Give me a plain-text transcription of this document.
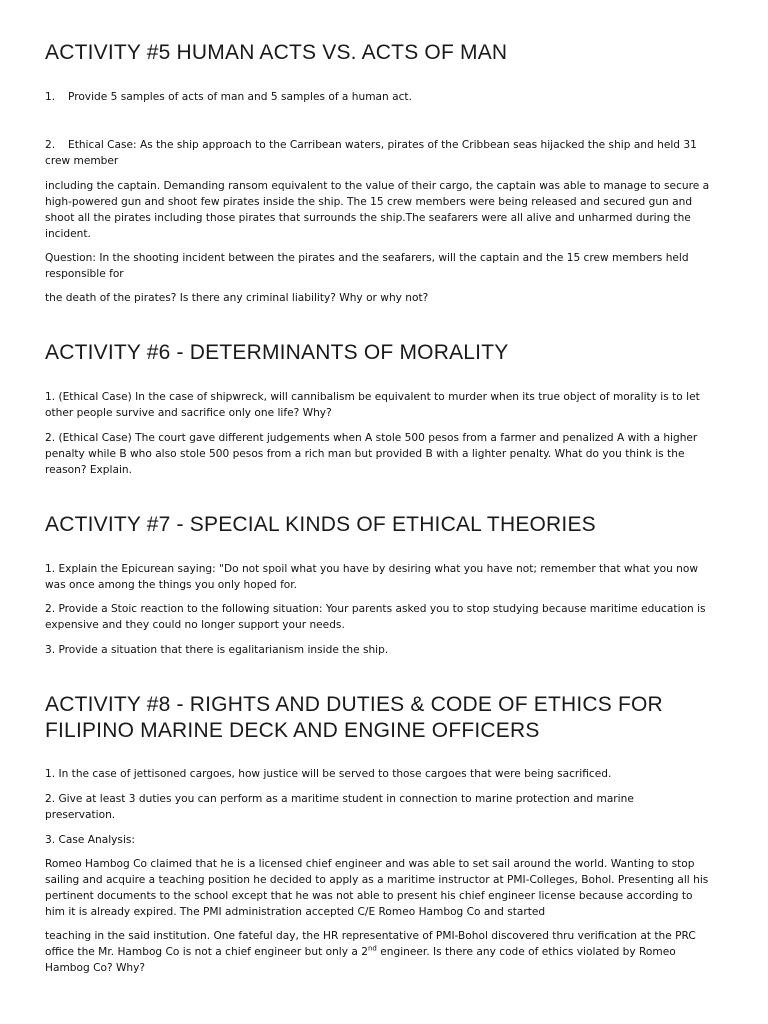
ACTIVITY #5 HUMAN ACTS VS. ACTS OF MAN
1.	Provide 5 samples of acts of man and 5 samples of a human act.
2. Ethical Case: As the ship approach to the Carribean waters, pirates of the Cribbean seas hijacked the ship and held 31 crew member

including the captain. Demanding ransom equivalent to the value of their cargo, the captain was able to manage to secure a high-powered gun and shoot few pirates inside the ship. The 15 crew members were being released and secured gun and shoot all the pirates including those pirates that surrounds the ship.The seafarers were all alive and unharmed during the incident.

Question: In the shooting incident between the pirates and the seafarers, will the captain and the 15 crew members held responsible for

the death of the pirates? Is there any criminal liability? Why or why not?

ACTIVITY #6 - DETERMINANTS OF MORALITY

1. (Ethical Case) In the case of shipwreck, will cannibalism be equivalent to murder when its true object of morality is to let other people survive and sacrifice only one life? Why?

2. (Ethical Case) The court gave different judgements when A stole 500 pesos from a farmer and penalized A with a higher penalty while B who also stole 500 pesos from a rich man but provided B with a lighter penalty. What do you think is the reason? Explain.

ACTIVITY #7 - SPECIAL KINDS OF ETHICAL THEORIES

1. Explain the Epicurean saying: "Do not spoil what you have by desiring what you have not; remember that what you now was once among the things you only hoped for.

2. Provide a Stoic reaction to the following situation: Your parents asked you to stop studying because maritime education is expensive and they could no longer support your needs.

3. Provide a situation that there is egalitarianism inside the ship.

ACTIVITY #8 - RIGHTS AND DUTIES & CODE OF ETHICS FOR FILIPINO MARINE DECK AND ENGINE OFFICERS

1. In the case of jettisoned cargoes, how justice will be served to those cargoes that were being sacrificed.

2. Give at least 3 duties you can perform as a maritime student in connection to marine protection and marine preservation.

3. Case Analysis:

Romeo Hambog Co claimed that he is a licensed chief engineer and was able to set sail around the world. Wanting to stop sailing and acquire a teaching position he decided to apply as a maritime instructor at PMI-Colleges, Bohol. Presenting all his pertinent documents to the school except that he was not able to present his chief engineer license because according to him it is already expired. The PMI administration accepted C/E Romeo Hambog Co and started

teaching in the said institution. One fateful day, the HR representative of PMI-Bohol discovered thru verification at the PRC office the Mr. Hambog Co is not a chief engineer but only a 2nd engineer. Is there any code of ethics violated by Romeo Hambog Co? Why?
